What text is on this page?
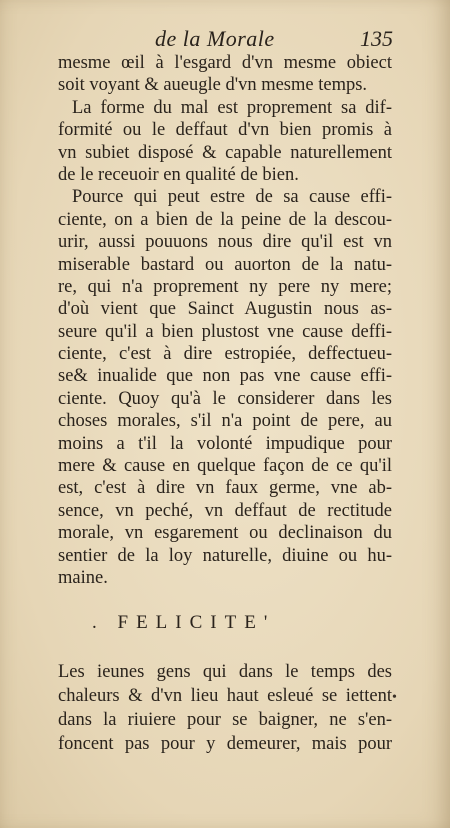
de la Morale	135
mesme œil à l'esgard d'vn mesme obiect
soit voyant & aueugle d'vn mesme temps.
La forme du mal est proprement sa dif-
formité ou le deffaut d'vn bien promis à
vn subiet disposé & capable naturellement
de le receuoir en qualité de bien.
Pource qui peut estre de sa cause effi-
ciente, on a bien de la peine de la descou-
urir, aussi pouuons nous dire qu'il est vn
miserable bastard ou auorton de la natu-
re, qui n'a proprement ny pere ny mere;
d'où vient que Sainct Augustin nous as-
seure qu'il a bien plustost vne cause deffi-
ciente, c'est à dire estropiée, deffectueu-
se& inualide que non pas vne cause effi-
ciente. Quoy qu'à le considerer dans les
choses morales, s'il n'a point de pere, au
moins a t'il la volonté impudique pour
mere & cause en quelque façon de ce qu'il
est, c'est à dire vn faux germe, vne ab-
sence, vn peché, vn deffaut de rectitude
morale, vn esgarement ou declinaison du
sentier de la loy naturelle, diuine ou hu-
maine.
. FELICITE'
Les ieunes gens qui dans le temps des
chaleurs & d'vn lieu haut esleué se iettent
dans la riuiere pour se baigner, ne s'en-
foncent pas pour y demeurer, mais pour
•
